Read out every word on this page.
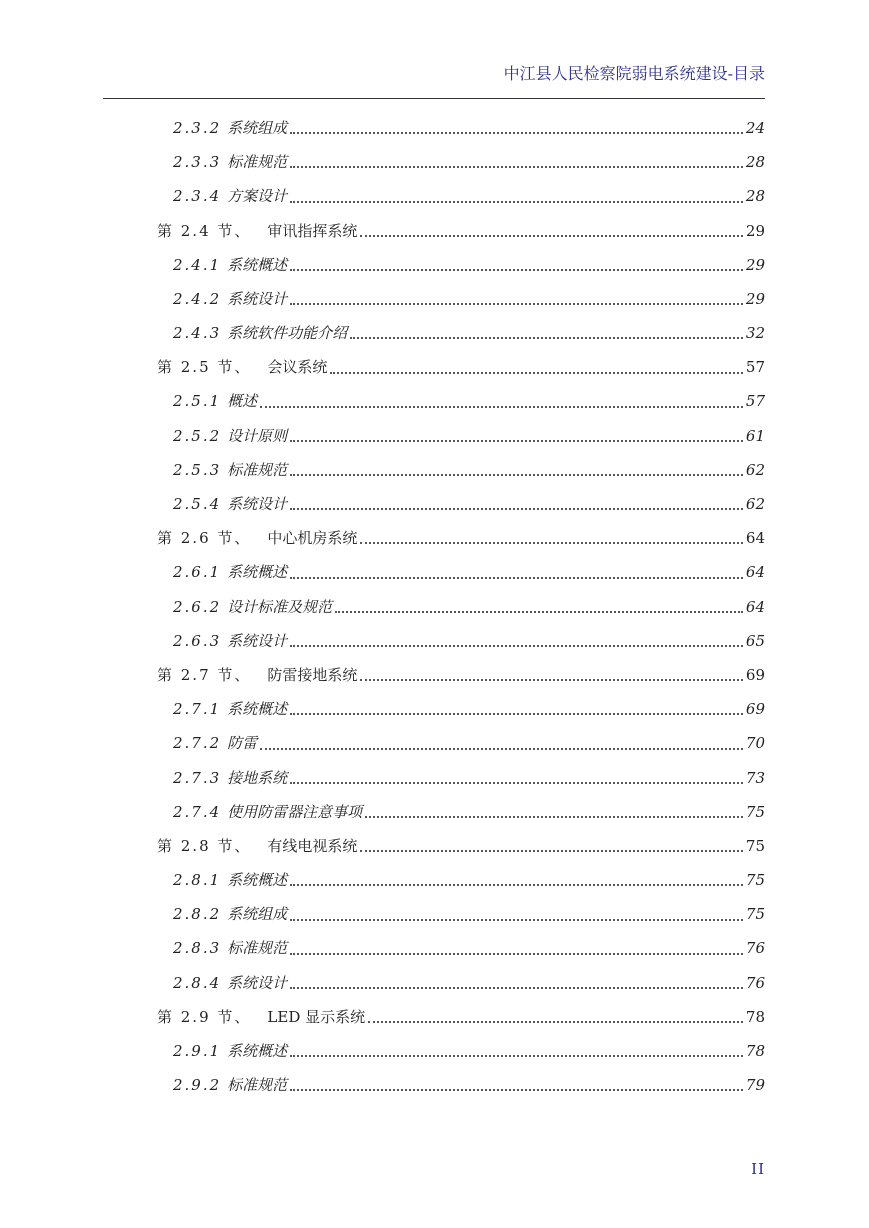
中江县人民检察院弱电系统建设-目录
2.3.2 系统组成	24
2.3.3 标准规范	28
2.3.4 方案设计	28
第 2.4 节、 审讯指挥系统	29
2.4.1 系统概述	29
2.4.2 系统设计	29
2.4.3 系统软件功能介绍	32
第 2.5 节、 会议系统	57
2.5.1 概述	57
2.5.2 设计原则	61
2.5.3 标准规范	62
2.5.4 系统设计	62
第 2.6 节、 中心机房系统	64
2.6.1 系统概述	64
2.6.2 设计标准及规范	64
2.6.3 系统设计	65
第 2.7 节、 防雷接地系统	69
2.7.1 系统概述	69
2.7.2 防雷	70
2.7.3 接地系统	73
2.7.4 使用防雷器注意事项	75
第 2.8 节、 有线电视系统	75
2.8.1 系统概述	75
2.8.2 系统组成	75
2.8.3 标准规范	76
2.8.4 系统设计	76
第 2.9 节、 LED 显示系统	78
2.9.1 系统概述	78
2.9.2 标准规范	79
II
